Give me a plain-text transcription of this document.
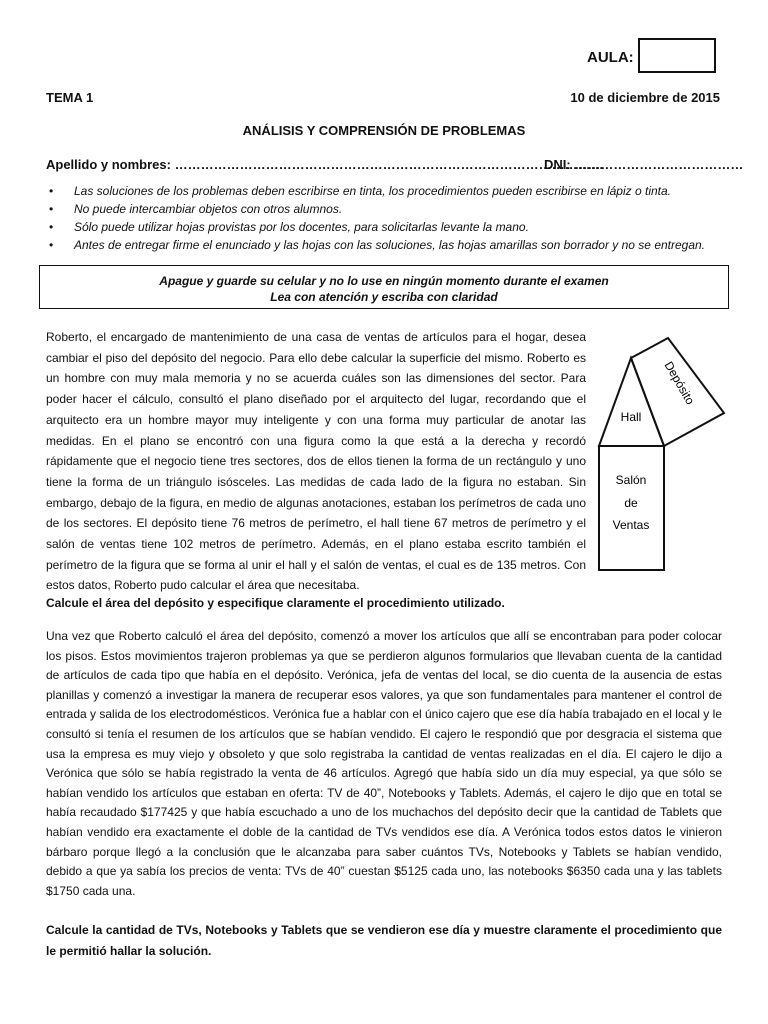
AULA:
TEMA 1	10 de diciembre de 2015
ANÁLISIS Y COMPRENSIÓN DE PROBLEMAS
Apellido y nombres: ………………………………………………………………………………………
DNI: …………………………………
• Las soluciones de los problemas deben escribirse en tinta, los procedimientos pueden escribirse en lápiz o tinta.
• No puede intercambiar objetos con otros alumnos.
• Sólo puede utilizar hojas provistas por los docentes, para solicitarlas levante la mano.
• Antes de entregar firme el enunciado y las hojas con las soluciones, las hojas amarillas son borrador y no se entregan.
Apague y guarde su celular y no lo use en ningún momento durante el examen
Lea con atención y escriba con claridad

Roberto, el encargado de mantenimiento de una casa de ventas de artículos para el hogar, desea cambiar el piso del depósito del negocio. Para ello debe calcular la superficie del mismo. Roberto es un hombre con muy mala memoria y no se acuerda cuáles son las dimensiones del sector. Para poder hacer el cálculo, consultó el plano diseñado por el arquitecto del lugar, recordando que el arquitecto era un hombre mayor muy inteligente y con una forma muy particular de anotar las medidas. En el plano se encontró con una figura como la que está a la derecha y recordó rápidamente que el negocio tiene tres sectores, dos de ellos tienen la forma de un rectángulo y uno tiene la forma de un triángulo isósceles. Las medidas de cada lado de la figura no estaban. Sin embargo, debajo de la figura, en medio de algunas anotaciones, estaban los perímetros de cada uno de los sectores. El depósito tiene 76 metros de perímetro, el hall tiene 67 metros de perímetro y el salón de ventas tiene 102 metros de perímetro. Además, en el plano estaba escrito también el perímetro de la figura que se forma al unir el hall y el salón de ventas, el cual es de 135 metros. Con estos datos, Roberto pudo calcular el área que necesitaba.

Depósito
Hall
Salón
de
Ventas

Calcule el área del depósito y especifique claramente el procedimiento utilizado.

Una vez que Roberto calculó el área del depósito, comenzó a mover los artículos que allí se encontraban para poder colocar los pisos. Estos movimientos trajeron problemas ya que se perdieron algunos formularios que llevaban cuenta de la cantidad de artículos de cada tipo que había en el depósito. Verónica, jefa de ventas del local, se dio cuenta de la ausencia de estas planillas y comenzó a investigar la manera de recuperar esos valores, ya que son fundamentales para mantener el control de entrada y salida de los electrodomésticos. Verónica fue a hablar con el único cajero que ese día había trabajado en el local y le consultó si tenía el resumen de los artículos que se habían vendido. El cajero le respondió que por desgracia el sistema que usa la empresa es muy viejo y obsoleto y que solo registraba la cantidad de ventas realizadas en el día. El cajero le dijo a Verónica que sólo se había registrado la venta de 46 artículos. Agregó que había sido un día muy especial, ya que sólo se habían vendido los artículos que estaban en oferta: TV de 40”, Notebooks y Tablets. Además, el cajero le dijo que en total se había recaudado $177425 y que había escuchado a uno de los muchachos del depósito decir que la cantidad de Tablets que habían vendido era exactamente el doble de la cantidad de TVs vendidos ese día. A Verónica todos estos datos le vinieron bárbaro porque llegó a la conclusión que le alcanzaba para saber cuántos TVs, Notebooks y Tablets se habían vendido, debido a que ya sabía los precios de venta: TVs de 40” cuestan $5125 cada uno, las notebooks $6350 cada una y las tablets $1750 cada una.

Calcule la cantidad de TVs, Notebooks y Tablets que se vendieron ese día y muestre claramente el procedimiento que le permitió hallar la solución.
